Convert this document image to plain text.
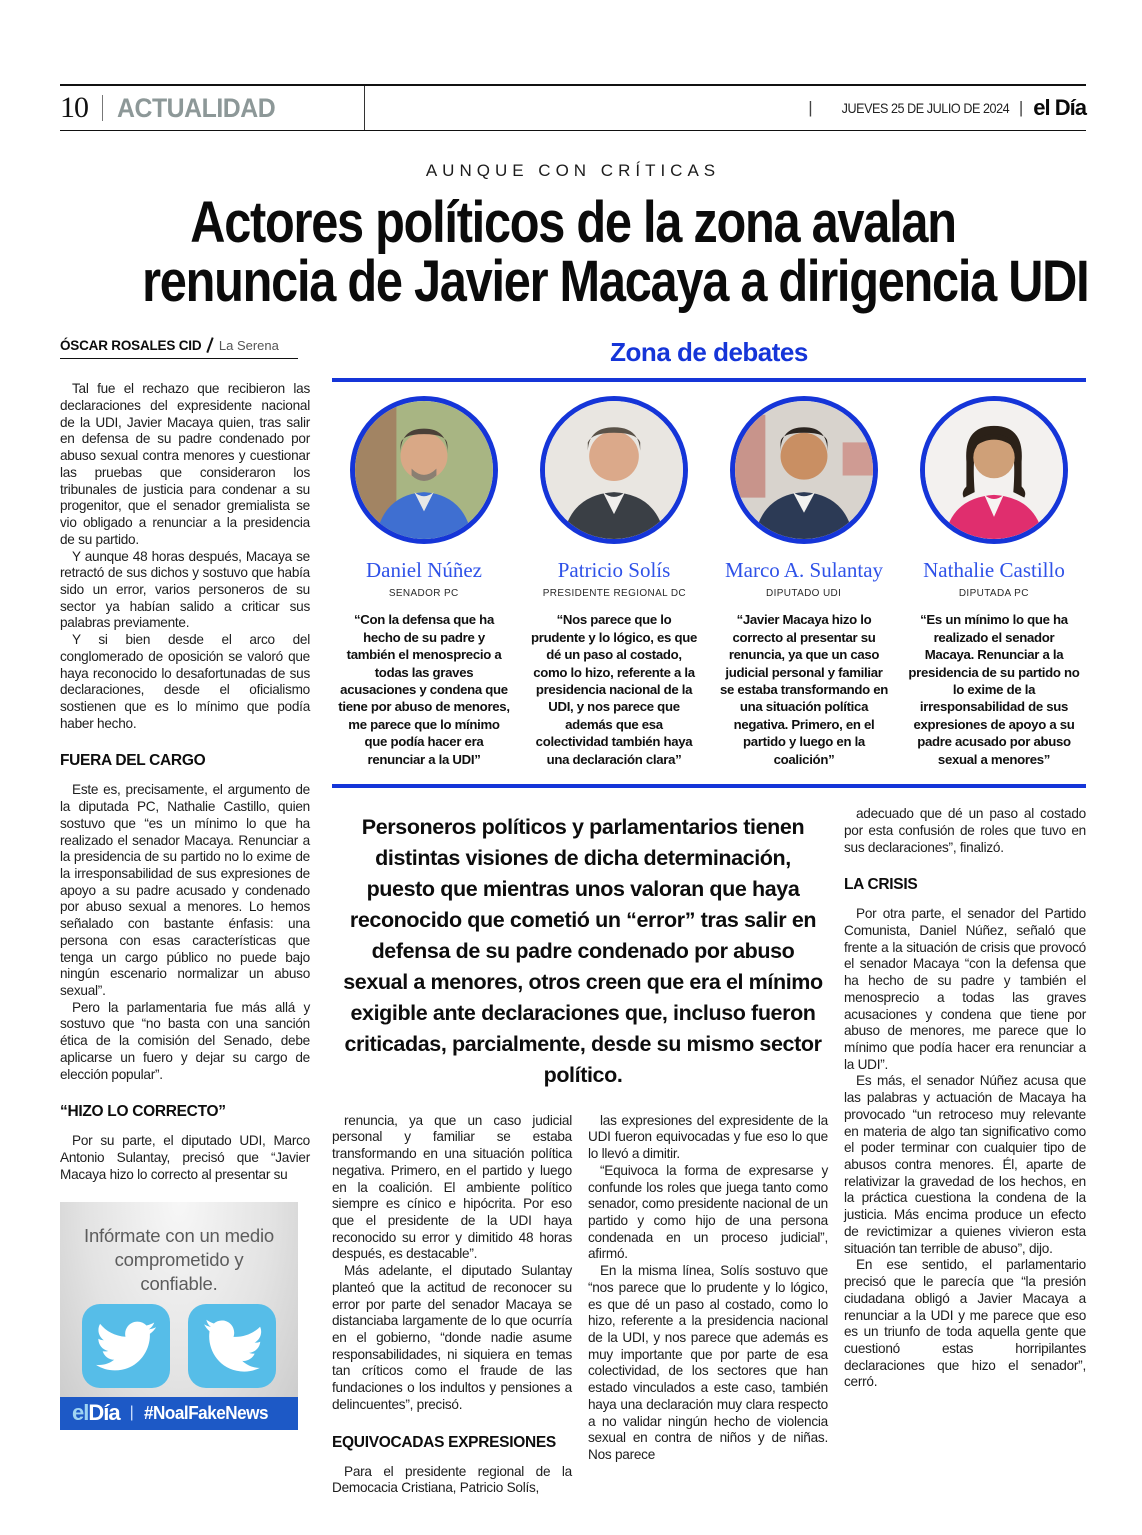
10 ACTUALIDAD	| JUEVES 25 DE JULIO DE 2024 | el Día
AUNQUE CON CRÍTICAS
Actores políticos de la zona avalan
renuncia de Javier Macaya a dirigencia UDI
ÓSCAR ROSALES CID La Serena

Tal fue el rechazo que recibieron las declaraciones del expresidente nacional de la UDI, Javier Macaya quien, tras salir en defensa de su padre condenado por abuso sexual contra menores y cuestionar las pruebas que consideraron los tribunales de justicia para condenar a su progenitor, que el senador gremialista se vio obligado a renunciar a la presidencia de su partido.

Y aunque 48 horas después, Macaya se retractó de sus dichos y sostuvo que había sido un error, varios personeros de su sector ya habían salido a criticar sus palabras previamente.

Y si bien desde el arco del conglomerado de oposición se valoró que haya reconocido lo desafortunadas de sus declaraciones, desde el oficialismo sostienen que es lo mínimo que podía haber hecho.

FUERA DEL CARGO

Este es, precisamente, el argumento de la diputada PC, Nathalie Castillo, quien sostuvo que “es un mínimo lo que ha realizado el senador Macaya. Renunciar a la presidencia de su partido no lo exime de la irresponsabilidad de sus expresiones de apoyo a su padre acusado y condenado por abuso sexual a menores. Lo hemos señalado con bastante énfasis: una persona con esas características que tenga un cargo público no puede bajo ningún escenario normalizar un abuso sexual”.

Pero la parlamentaria fue más allá y sostuvo que “no basta con una sanción ética de la comisión del Senado, debe aplicarse un fuero y dejar su cargo de elección popular”.

“HIZO LO CORRECTO”

Por su parte, el diputado UDI, Marco Antonio Sulantay, precisó que “Javier Macaya hizo lo correcto al presentar su

Infórmate con un medio comprometido y confiable.
elDía | #NoalFakeNews
Zona de debates
Daniel Núñez
SENADOR PC
“Con la defensa que ha hecho de su padre y también el menosprecio a todas las graves acusaciones y condena que tiene por abuso de menores, me parece que lo mínimo que podía hacer era renunciar a la UDI”
Patricio Solís
PRESIDENTE REGIONAL DC
“Nos parece que lo prudente y lo lógico, es que dé un paso al costado, como lo hizo, referente a la presidencia nacional de la UDI, y nos parece que además que esa colectividad también haya una declaración clara”
Marco A. Sulantay
DIPUTADO UDI
“Javier Macaya hizo lo correcto al presentar su renuncia, ya que un caso judicial personal y familiar se estaba transformando en una situación política negativa. Primero, en el partido y luego en la coalición”
Nathalie Castillo
DIPUTADA PC
“Es un mínimo lo que ha realizado el senador Macaya. Renunciar a la presidencia de su partido no lo exime de la irresponsabilidad de sus expresiones de apoyo a su padre acusado por abuso sexual a menores”
Personeros políticos y parlamentarios tienen distintas visiones de dicha determinación, puesto que mientras unos valoran que haya reconocido que cometió un “error” tras salir en defensa de su padre condenado por abuso sexual a menores, otros creen que era el mínimo exigible ante declaraciones que, incluso fueron criticadas, parcialmente, desde su mismo sector político.

renuncia, ya que un caso judicial personal y familiar se estaba transformando en una situación política negativa. Primero, en el partido y luego en la coalición. El ambiente político siempre es cínico e hipócrita. Por eso que el presidente de la UDI haya reconocido su error y dimitido 48 horas después, es destacable”.

Más adelante, el diputado Sulantay planteó que la actitud de reconocer su error por parte del senador Macaya se distanciaba largamente de lo que ocurría en el gobierno, “donde nadie asume responsabilidades, ni siquiera en temas tan críticos como el fraude de las fundaciones o los indultos y pensiones a delincuentes”, precisó.

EQUIVOCADAS EXPRESIONES

Para el presidente regional de la Democacia Cristiana, Patricio Solís,

las expresiones del expresidente de la UDI fueron equivocadas y fue eso lo que lo llevó a dimitir.

“Equivoca la forma de expresarse y confunde los roles que juega tanto como senador, como presidente nacional de un partido y como hijo de una persona condenada en un proceso judicial”, afirmó.

En la misma línea, Solís sostuvo que “nos parece que lo prudente y lo lógico, es que dé un paso al costado, como lo hizo, referente a la presidencia nacional de la UDI, y nos parece que además es muy importante que por parte de esa colectividad, de los sectores que han estado vinculados a este caso, también haya una declaración muy clara respecto a no validar ningún hecho de violencia sexual en contra de niños y de niñas. Nos parece

adecuado que dé un paso al costado por esta confusión de roles que tuvo en sus declaraciones”, finalizó.

LA CRISIS

Por otra parte, el senador del Partido Comunista, Daniel Núñez, señaló que frente a la situación de crisis que provocó el senador Macaya “con la defensa que ha hecho de su padre y también el menosprecio a todas las graves acusaciones y condena que tiene por abuso de menores, me parece que lo mínimo que podía hacer era renunciar a la UDI”.

Es más, el senador Núñez acusa que las palabras y actuación de Macaya ha provocado “un retroceso muy relevante en materia de algo tan significativo como el poder terminar con cualquier tipo de abusos contra menores. Él, aparte de relativizar la gravedad de los hechos, en la práctica cuestiona la condena de la justicia. Más encima produce un efecto de revictimizar a quienes vivieron esta situación tan terrible de abuso”, dijo.

En ese sentido, el parlamentario precisó que le parecía que “la presión ciudadana obligó a Javier Macaya a renunciar a la UDI y me parece que eso es un triunfo de toda aquella gente que cuestionó estas horripilantes declaraciones que hizo el senador”, cerró.
